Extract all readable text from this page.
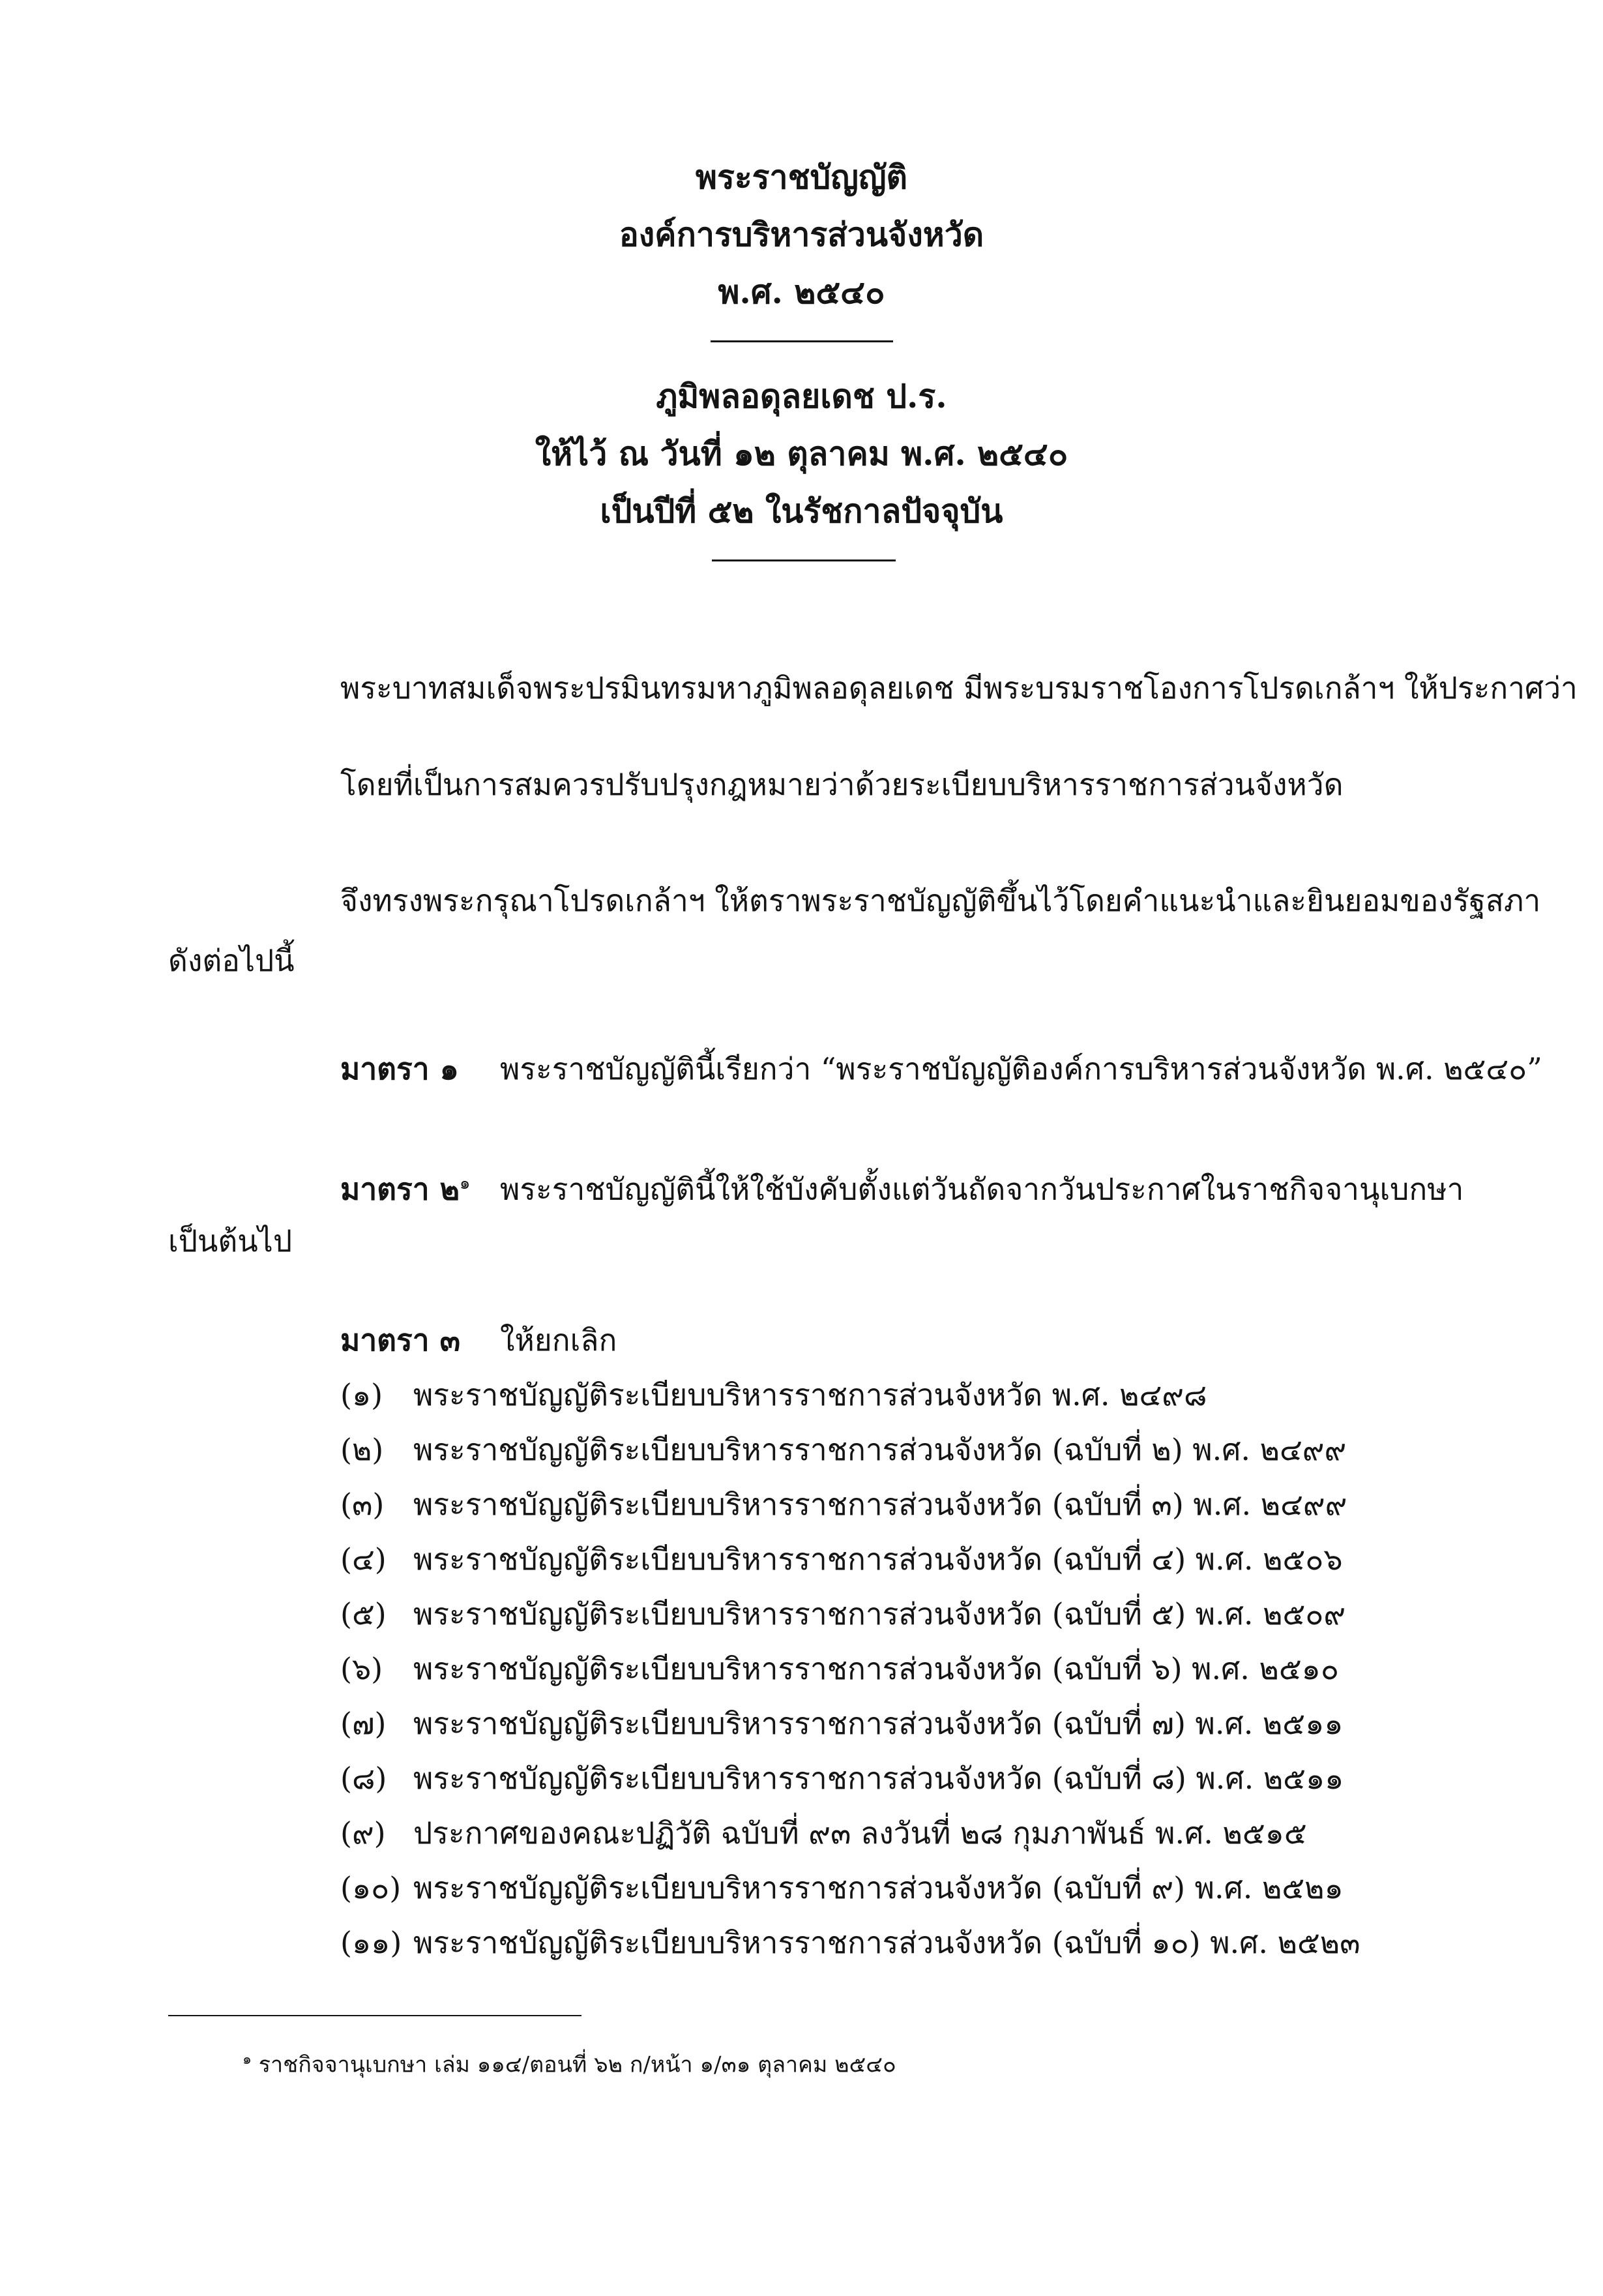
พระราชบัญญัติ
องค์การบริหารส่วนจังหวัด
พ.ศ. ๒๕๔๐
ภูมิพลอดุลยเดช ป.ร.
ให้ไว้ ณ วันที่ ๑๒ ตุลาคม พ.ศ. ๒๕๔๐
เป็นปีที่ ๕๒ ในรัชกาลปัจจุบัน
พระบาทสมเด็จพระปรมินทรมหาภูมิพลอดุลยเดช มีพระบรมราชโองการโปรดเกล้าฯ ให้ประกาศว่า
โดยที่เป็นการสมควรปรับปรุงกฎหมายว่าด้วยระเบียบบริหารราชการส่วนจังหวัด
จึงทรงพระกรุณาโปรดเกล้าฯ ให้ตราพระราชบัญญัติขึ้นไว้โดยคำแนะนำและยินยอมของรัฐสภา
ดังต่อไปนี้
มาตรา ๑ พระราชบัญญัตินี้เรียกว่า “พระราชบัญญัติองค์การบริหารส่วนจังหวัด พ.ศ. ๒๕๔๐”
มาตรา ๒$^๑$ พระราชบัญญัตินี้ให้ใช้บังคับตั้งแต่วันถัดจากวันประกาศในราชกิจจานุเบกษา
เป็นต้นไป
มาตรา ๓ ให้ยกเลิก
(๑) พระราชบัญญัติระเบียบบริหารราชการส่วนจังหวัด พ.ศ. ๒๔๙๘
(๒) พระราชบัญญัติระเบียบบริหารราชการส่วนจังหวัด (ฉบับที่ ๒) พ.ศ. ๒๔๙๙
(๓) พระราชบัญญัติระเบียบบริหารราชการส่วนจังหวัด (ฉบับที่ ๓) พ.ศ. ๒๔๙๙
(๔) พระราชบัญญัติระเบียบบริหารราชการส่วนจังหวัด (ฉบับที่ ๔) พ.ศ. ๒๕๐๖
(๕) พระราชบัญญัติระเบียบบริหารราชการส่วนจังหวัด (ฉบับที่ ๕) พ.ศ. ๒๕๐๙
(๖) พระราชบัญญัติระเบียบบริหารราชการส่วนจังหวัด (ฉบับที่ ๖) พ.ศ. ๒๕๑๐
(๗) พระราชบัญญัติระเบียบบริหารราชการส่วนจังหวัด (ฉบับที่ ๗) พ.ศ. ๒๕๑๑
(๘) พระราชบัญญัติระเบียบบริหารราชการส่วนจังหวัด (ฉบับที่ ๘) พ.ศ. ๒๕๑๑
(๙) ประกาศของคณะปฏิวัติ ฉบับที่ ๙๓ ลงวันที่ ๒๘ กุมภาพันธ์ พ.ศ. ๒๕๑๕
(๑๐) พระราชบัญญัติระเบียบบริหารราชการส่วนจังหวัด (ฉบับที่ ๙) พ.ศ. ๒๕๒๑
(๑๑) พระราชบัญญัติระเบียบบริหารราชการส่วนจังหวัด (ฉบับที่ ๑๐) พ.ศ. ๒๕๒๓
$^๑$ ราชกิจจานุเบกษา เล่ม ๑๑๔/ตอนที่ ๖๒ ก/หน้า ๑/๓๑ ตุลาคม ๒๕๔๐
